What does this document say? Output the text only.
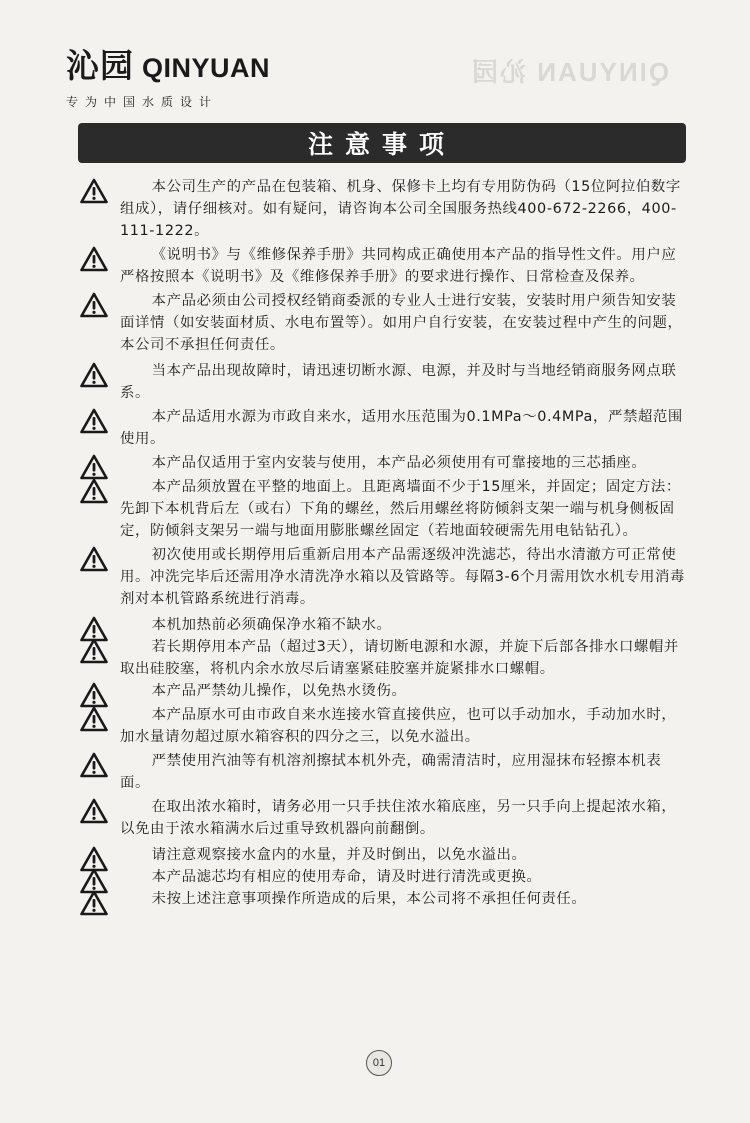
QINYUAN 沁园
沁园 QINYUAN
专为中国水质设计
注意事项
本公司生产的产品在包装箱、机身、保修卡上均有专用防伪码（15位阿拉伯数字组成），请仔细核对。如有疑问，请咨询本公司全国服务热线400-672-2266，400-111-1222。
《说明书》与《维修保养手册》共同构成正确使用本产品的指导性文件。用户应严格按照本《说明书》及《维修保养手册》的要求进行操作、日常检查及保养。
本产品必须由公司授权经销商委派的专业人士进行安装，安装时用户须告知安装面详情（如安装面材质、水电布置等）。如用户自行安装，在安装过程中产生的问题，本公司不承担任何责任。
当本产品出现故障时，请迅速切断水源、电源，并及时与当地经销商服务网点联系。
本产品适用水源为市政自来水，适用水压范围为0.1MPa～0.4MPa，严禁超范围使用。
本产品仅适用于室内安装与使用，本产品必须使用有可靠接地的三芯插座。
本产品须放置在平整的地面上。且距离墙面不少于15厘米，并固定；固定方法：先卸下本机背后左（或右）下角的螺丝，然后用螺丝将防倾斜支架一端与机身侧板固定，防倾斜支架另一端与地面用膨胀螺丝固定（若地面较硬需先用电钻钻孔）。
初次使用或长期停用后重新启用本产品需逐级冲洗滤芯，待出水清澈方可正常使用。冲洗完毕后还需用净水清洗净水箱以及管路等。每隔3-6个月需用饮水机专用消毒剂对本机管路系统进行消毒。
本机加热前必须确保净水箱不缺水。
若长期停用本产品（超过3天），请切断电源和水源，并旋下后部各排水口螺帽并取出硅胶塞，将机内余水放尽后请塞紧硅胶塞并旋紧排水口螺帽。
本产品严禁幼儿操作，以免热水烫伤。
本产品原水可由市政自来水连接水管直接供应，也可以手动加水，手动加水时，加水量请勿超过原水箱容积的四分之三，以免水溢出。
严禁使用汽油等有机溶剂擦拭本机外壳，确需清洁时，应用湿抹布轻擦本机表面。
在取出浓水箱时，请务必用一只手扶住浓水箱底座，另一只手向上提起浓水箱，以免由于浓水箱满水后过重导致机器向前翻倒。
请注意观察接水盒内的水量，并及时倒出，以免水溢出。
本产品滤芯均有相应的使用寿命，请及时进行清洗或更换。
未按上述注意事项操作所造成的后果，本公司将不承担任何责任。
01
